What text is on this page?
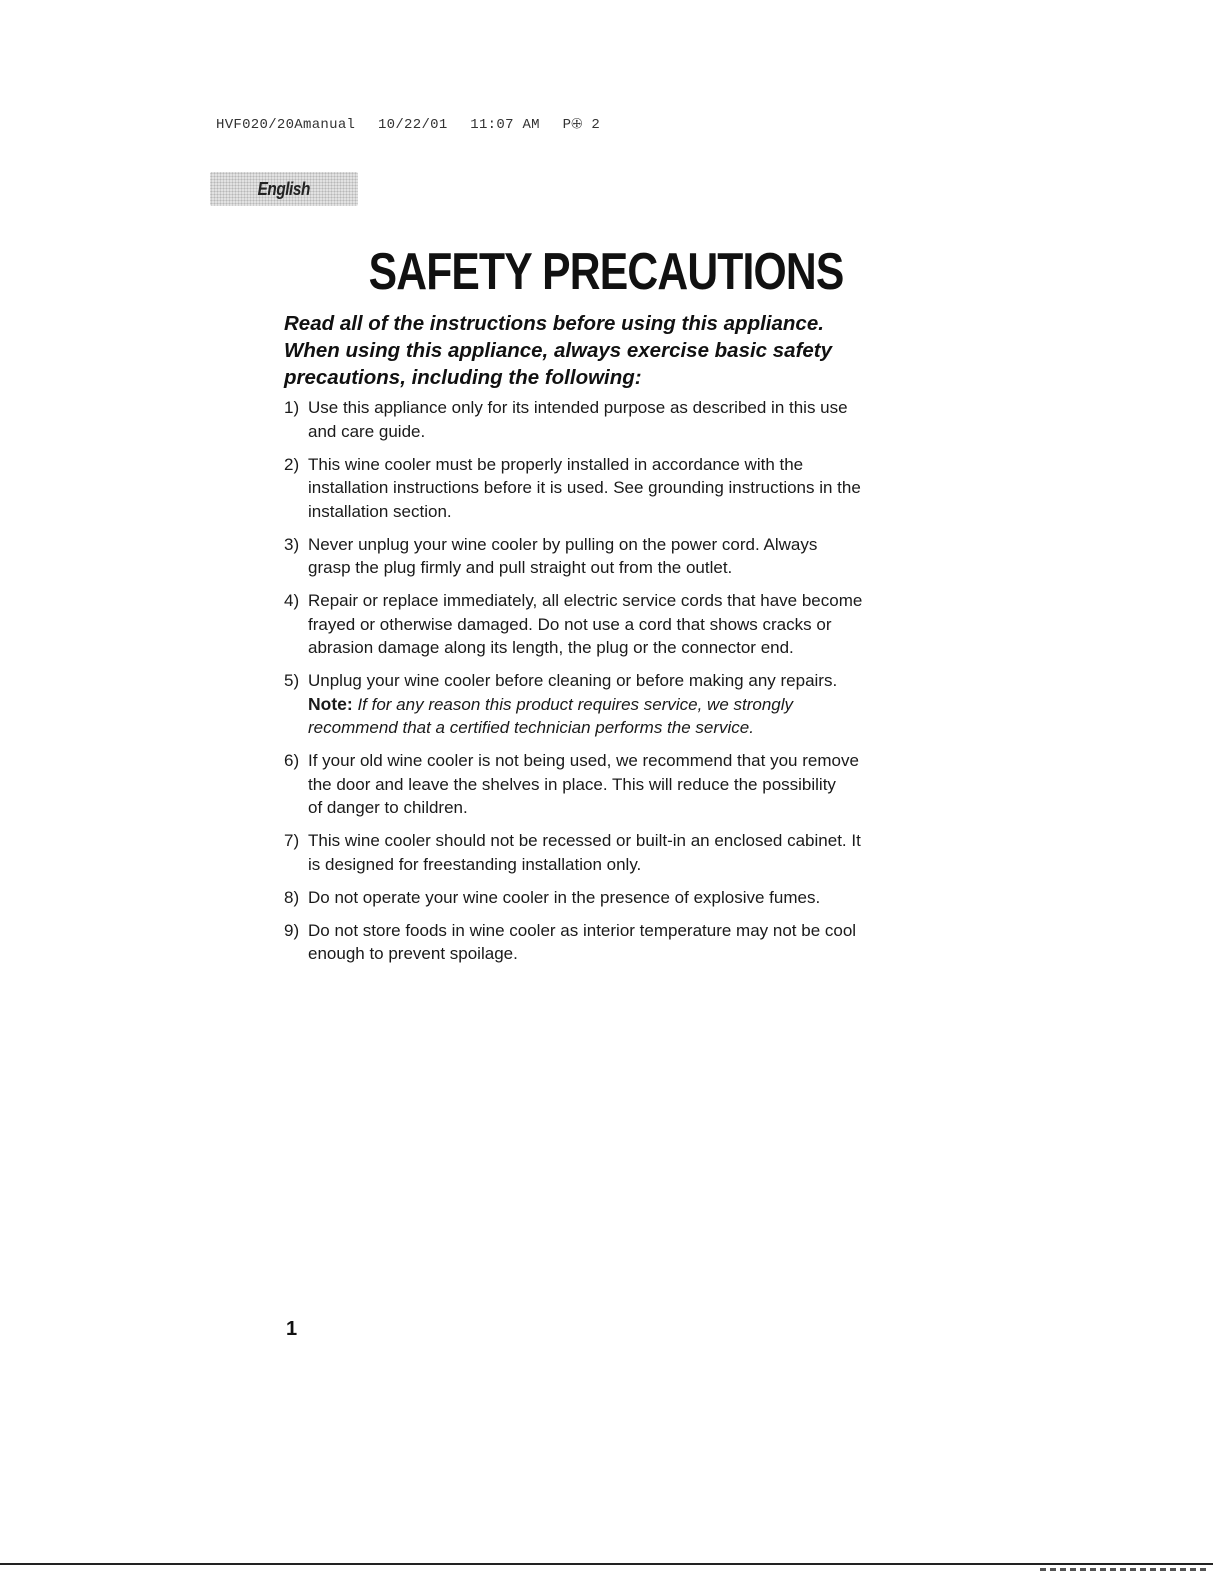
HVF020/20Amanual 10/22/01 11:07 AM P🕀 2
English
SAFETY PRECAUTIONS

Read all of the instructions before using this appliance.
When using this appliance, always exercise basic safety
precautions, including the following:

1) Use this appliance only for its intended purpose as described in this use
and care guide.
2) This wine cooler must be properly installed in accordance with the
installation instructions before it is used. See grounding instructions in the
installation section.
3) Never unplug your wine cooler by pulling on the power cord. Always
grasp the plug firmly and pull straight out from the outlet.
4) Repair or replace immediately, all electric service cords that have become
frayed or otherwise damaged. Do not use a cord that shows cracks or
abrasion damage along its length, the plug or the connector end.
5) Unplug your wine cooler before cleaning or before making any repairs.
Note: If for any reason this product requires service, we strongly
recommend that a certified technician performs the service.
6) If your old wine cooler is not being used, we recommend that you remove
the door and leave the shelves in place. This will reduce the possibility
of danger to children.
7) This wine cooler should not be recessed or built-in an enclosed cabinet. It
is designed for freestanding installation only.
8) Do not operate your wine cooler in the presence of explosive fumes.
9) Do not store foods in wine cooler as interior temperature may not be cool
enough to prevent spoilage.
1
